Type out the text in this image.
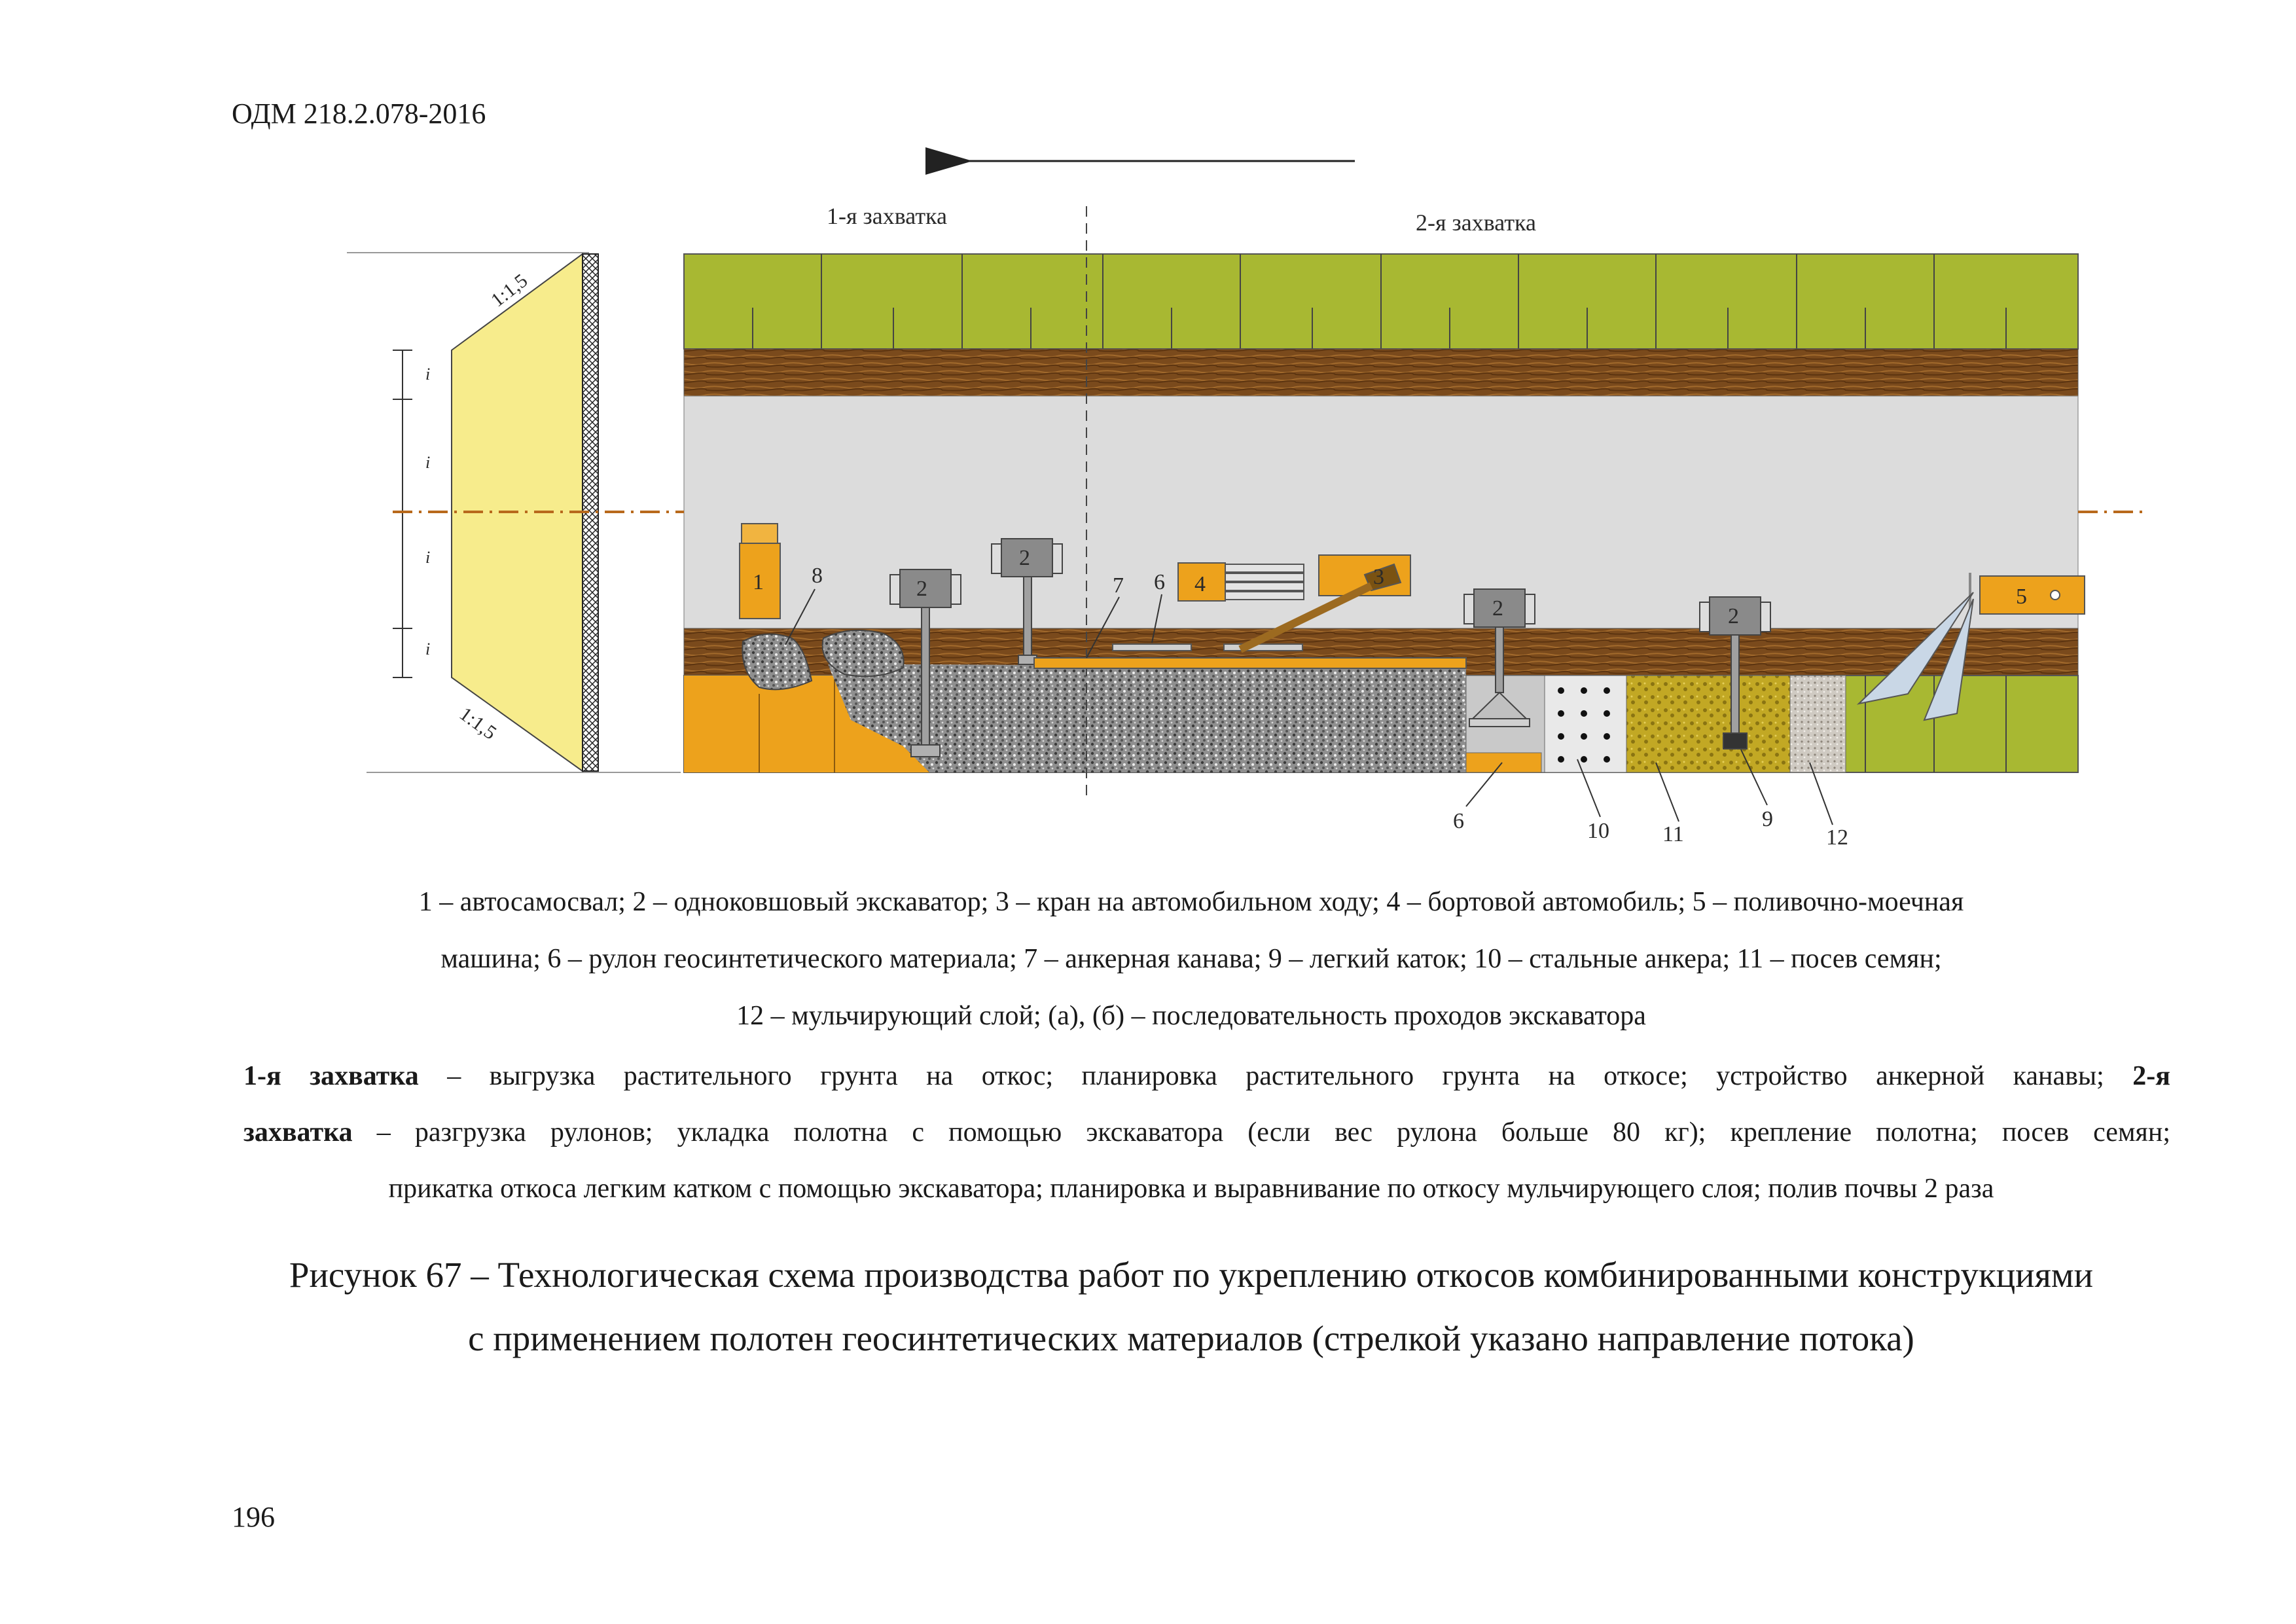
ОДМ 218.2.078-2016
1-я захватка	2-я захватка
1:1,5
1:1,5
i
i
i
i
1 8
2
2
7 6 4	3
2	2
5
6	10 11
9
12
1 – автосамосвал; 2 – одноковшовый экскаватор; 3 – кран на автомобильном ходу; 4 – бортовой автомобиль; 5 – поливочно-моечная
машина; 6 – рулон геосинтетического материала; 7 – анкерная канава; 9 – легкий каток; 10 – стальные анкера; 11 – посев семян;
12 – мульчирующий слой; (а), (б) – последовательность проходов экскаватора
1-я захватка – выгрузка растительного грунта на откос; планировка растительного грунта на откосе; устройство анкерной канавы; 2-я
захватка – разгрузка рулонов; укладка полотна с помощью экскаватора (если вес рулона больше 80 кг); крепление полотна; посев семян;
прикатка откоса легким катком с помощью экскаватора; планировка и выравнивание по откосу мульчирующего слоя; полив почвы 2 раза
Рисунок 67 – Технологическая схема производства работ по укреплению откосов комбинированными конструкциями
с применением полотен геосинтетических материалов (стрелкой указано направление потока)
196
